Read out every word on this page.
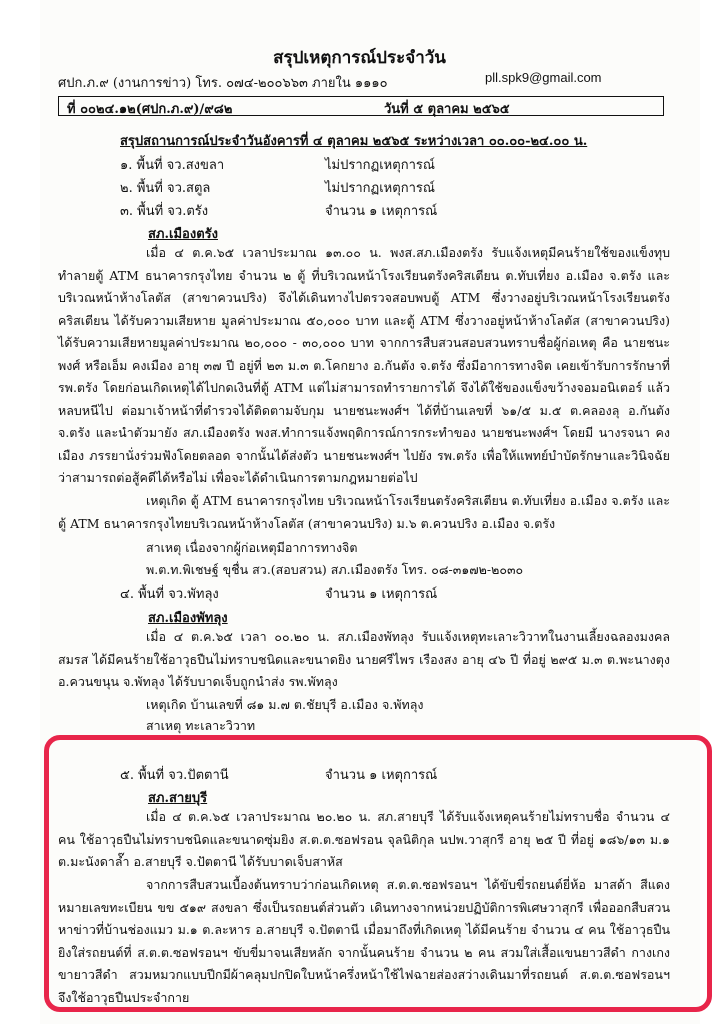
สรุปเหตุการณ์ประจำวัน
ศปก.ภ.๙ (งานการข่าว) โทร. ๐๗๔-๒๐๐๖๖๓ ภายใน ๑๑๑๐	pll.spk9@gmail.com
ที่ ๐๐๒๔.๑๒(ศปก.ภ.๙)/๙๘๒	วันที่ ๕ ตุลาคม ๒๕๖๕
สรุปสถานการณ์ประจำวันอังคารที่ ๔ ตุลาคม ๒๕๖๕ ระหว่างเวลา ๐๐.๐๐-๒๔.๐๐ น.
๑. พื้นที่ จว.สงขลา	ไม่ปรากฏเหตุการณ์
๒. พื้นที่ จว.สตูล	ไม่ปรากฏเหตุการณ์
๓. พื้นที่ จว.ตรัง	จำนวน ๑ เหตุการณ์
สภ.เมืองตรัง

เมื่อ ๔ ต.ค.๖๕ เวลาประมาณ ๑๓.๐๐ น. พงส.สภ.เมืองตรัง รับแจ้งเหตุมีคนร้ายใช้ของแข็งทุบทำลายตู้ ATM ธนาคารกรุงไทย จำนวน ๒ ตู้ ที่บริเวณหน้าโรงเรียนตรังคริสเตียน ต.ทับเที่ยง อ.เมือง จ.ตรัง และบริเวณหน้าห้างโลตัส (สาขาควนปริง) จึงได้เดินทางไปตรวจสอบพบตู้ ATM ซึ่งวางอยู่บริเวณหน้าโรงเรียนตรังคริสเตียน ได้รับความเสียหาย มูลค่าประมาณ ๕๐,๐๐๐ บาท และตู้ ATM ซึ่งวางอยู่หน้าห้างโลตัส (สาขาควนปริง) ได้รับความเสียหายมูลค่าประมาณ ๒๐,๐๐๐ - ๓๐,๐๐๐ บาท จากการสืบสวนสอบสวนทราบชื่อผู้ก่อเหตุ คือ นายชนะพงศ์ หรือเอ็ม คงเมือง อายุ ๓๗ ปี อยู่ที่ ๒๓ ม.๓ ต.โคกยาง อ.กันตัง จ.ตรัง ซึ่งมีอาการทางจิต เคยเข้ารับการรักษาที่ รพ.ตรัง โดยก่อนเกิดเหตุได้ไปกดเงินที่ตู้ ATM แต่ไม่สามารถทำรายการได้ จึงได้ใช้ของแข็งขว้างจอมอนิเตอร์ แล้วหลบหนีไป ต่อมาเจ้าหน้าที่ตำรวจได้ติดตามจับกุม นายชนะพงศ์ฯ ได้ที่บ้านเลขที่ ๖๑/๕ ม.๕ ต.คลองลุ อ.กันตัง จ.ตรัง และนำตัวมายัง สภ.เมืองตรัง พงส.ทำการแจ้งพฤติการณ์การกระทำของ นายชนะพงศ์ฯ โดยมี นางรจนา คงเมือง ภรรยานั่งร่วมฟังโดยตลอด จากนั้นได้ส่งตัว นายชนะพงศ์ฯ ไปยัง รพ.ตรัง เพื่อให้แพทย์บำบัดรักษาและวินิจฉัยว่าสามารถต่อสู้คดีได้หรือไม่ เพื่อจะได้ดำเนินการตามกฎหมายต่อไป

เหตุเกิด ตู้ ATM ธนาคารกรุงไทย บริเวณหน้าโรงเรียนตรังคริสเตียน ต.ทับเที่ยง อ.เมือง จ.ตรัง และตู้ ATM ธนาคารกรุงไทยบริเวณหน้าห้างโลตัส (สาขาควนปริง) ม.๖ ต.ควนปริง อ.เมือง จ.ตรัง

สาเหตุ เนื่องจากผู้ก่อเหตุมีอาการทางจิต
พ.ต.ท.พิเชษฐ์ ขุชื่น สว.(สอบสวน) สภ.เมืองตรัง โทร. ๐๘-๓๑๗๒-๒๐๓๐
๔. พื้นที่ จว.พัทลุง	จำนวน ๑ เหตุการณ์
สภ.เมืองพัทลุง

เมื่อ ๔ ต.ค.๖๕ เวลา ๐๐.๒๐ น. สภ.เมืองพัทลุง รับแจ้งเหตุทะเลาะวิวาทในงานเลี้ยงฉลองมงคลสมรส ได้มีคนร้ายใช้อาวุธปืนไม่ทราบชนิดและขนาดยิง นายศรีไพร เรืองสง อายุ ๔๖ ปี ที่อยู่ ๒๙๕ ม.๓ ต.พะนางตุง อ.ควนขนุน จ.พัทลุง ได้รับบาดเจ็บถูกนำส่ง รพ.พัทลุง

เหตุเกิด บ้านเลขที่ ๘๑ ม.๗ ต.ชัยบุรี อ.เมือง จ.พัทลุง
สาเหตุ ทะเลาะวิวาท
๕. พื้นที่ จว.ปัตตานี	จำนวน ๑ เหตุการณ์
สภ.สายบุรี

เมื่อ ๔ ต.ค.๖๕ เวลาประมาณ ๒๐.๒๐ น. สภ.สายบุรี ได้รับแจ้งเหตุคนร้ายไม่ทราบชื่อ จำนวน ๔ คน ใช้อาวุธปืนไม่ทราบชนิดและขนาดซุ่มยิง ส.ต.ต.ซอฟรอน จุลนิติกุล นปพ.วาสุกรี อายุ ๒๕ ปี ที่อยู่ ๑๘๖/๑๓ ม.๑ ต.มะนังดาล๊ำ อ.สายบุรี จ.ปัตตานี ได้รับบาดเจ็บสาหัส

จากการสืบสวนเบื้องต้นทราบว่าก่อนเกิดเหตุ ส.ต.ต.ซอฟรอนฯ ได้ขับขี่รถยนต์ยี่ห้อ มาสด้า สีแดง หมายเลขทะเบียน ขข ๕๑๙ สงขลา ซึ่งเป็นรถยนต์ส่วนตัว เดินทางจากหน่วยปฏิบัติการพิเศษวาสุกรี เพื่อออกสืบสวนหาข่าวที่บ้านช่องแมว ม.๑ ต.ละหาร อ.สายบุรี จ.ปัตตานี เมื่อมาถึงที่เกิดเหตุ ได้มีคนร้าย จำนวน ๔ คน ใช้อาวุธปืนยิงใส่รถยนต์ที่ ส.ต.ต.ซอฟรอนฯ ขับขี่มาจนเสียหลัก จากนั้นคนร้าย จำนวน ๒ คน สวมใส่เสื้อแขนยาวสีดำ กางเกงขายาวสีดำ สวมหมวกแบบปีกมีผ้าคลุมปกปิดใบหน้าครึ่งหน้าใช้ไฟฉายส่องสว่างเดินมาที่รถยนต์ ส.ต.ต.ซอฟรอนฯ จึงใช้อาวุธปืนประจำกาย
